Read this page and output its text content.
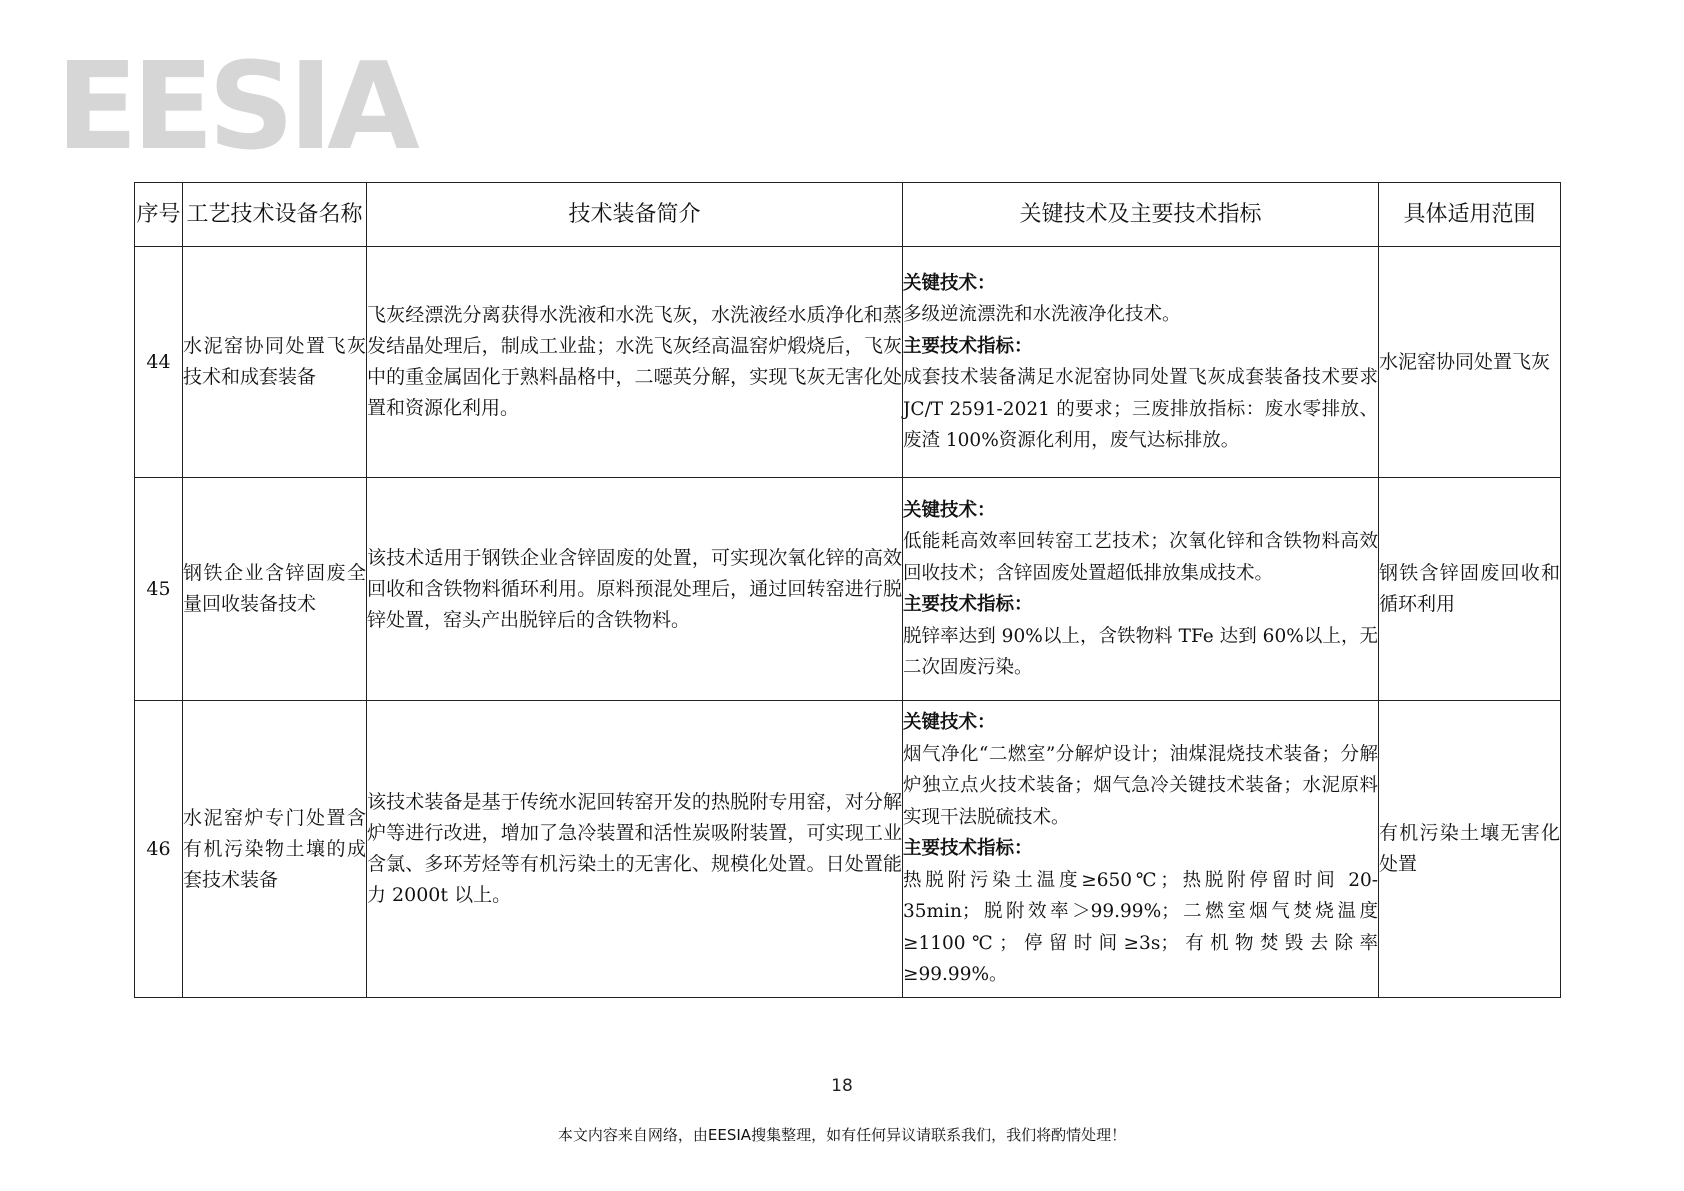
EESIA
序号	工艺技术设备名称	技术装备简介	关键技术及主要技术指标	具体适用范围
44	水泥窑协同处置飞灰技术和成套装备	飞灰经漂洗分离获得水洗液和水洗飞灰，水洗液经水质净化和蒸发结晶处理后，制成工业盐；水洗飞灰经高温窑炉煅烧后，飞灰中的重金属固化于熟料晶格中，二噁英分解，实现飞灰无害化处置和资源化利用。	关键技术：
多级逆流漂洗和水洗液净化技术。
主要技术指标：
成套技术装备满足水泥窑协同处置飞灰成套装备技术要求 JC/T 2591-2021 的要求；三废排放指标：废水零排放、废渣 100%资源化利用，废气达标排放。	水泥窑协同处置飞灰
45	钢铁企业含锌固废全量回收装备技术	该技术适用于钢铁企业含锌固废的处置，可实现次氧化锌的高效回收和含铁物料循环利用。原料预混处理后，通过回转窑进行脱锌处置，窑头产出脱锌后的含铁物料。	关键技术：
低能耗高效率回转窑工艺技术；次氧化锌和含铁物料高效回收技术；含锌固废处置超低排放集成技术。
主要技术指标：
脱锌率达到 90%以上，含铁物料 TFe 达到 60%以上，无二次固废污染。	钢铁含锌固废回收和循环利用
46	水泥窑炉专门处置含有机污染物土壤的成套技术装备	该技术装备是基于传统水泥回转窑开发的热脱附专用窑，对分解炉等进行改进，增加了急冷装置和活性炭吸附装置，可实现工业含氯、多环芳烃等有机污染土的无害化、规模化处置。日处置能力 2000t 以上。	关键技术：
烟气净化“二燃室”分解炉设计；油煤混烧技术装备；分解炉独立点火技术装备；烟气急冷关键技术装备；水泥原料实现干法脱硫技术。
主要技术指标：
热脱附污染土温度≥650℃；热脱附停留时间 20-35min；脱附效率＞99.99%；二燃室烟气焚烧温度≥1100℃；停留时间≥3s；有机物焚毁去除率≥99.99%。	有机污染土壤无害化处置
18
本文内容来自网络，由EESIA搜集整理，如有任何异议请联系我们，我们将酌情处理！
